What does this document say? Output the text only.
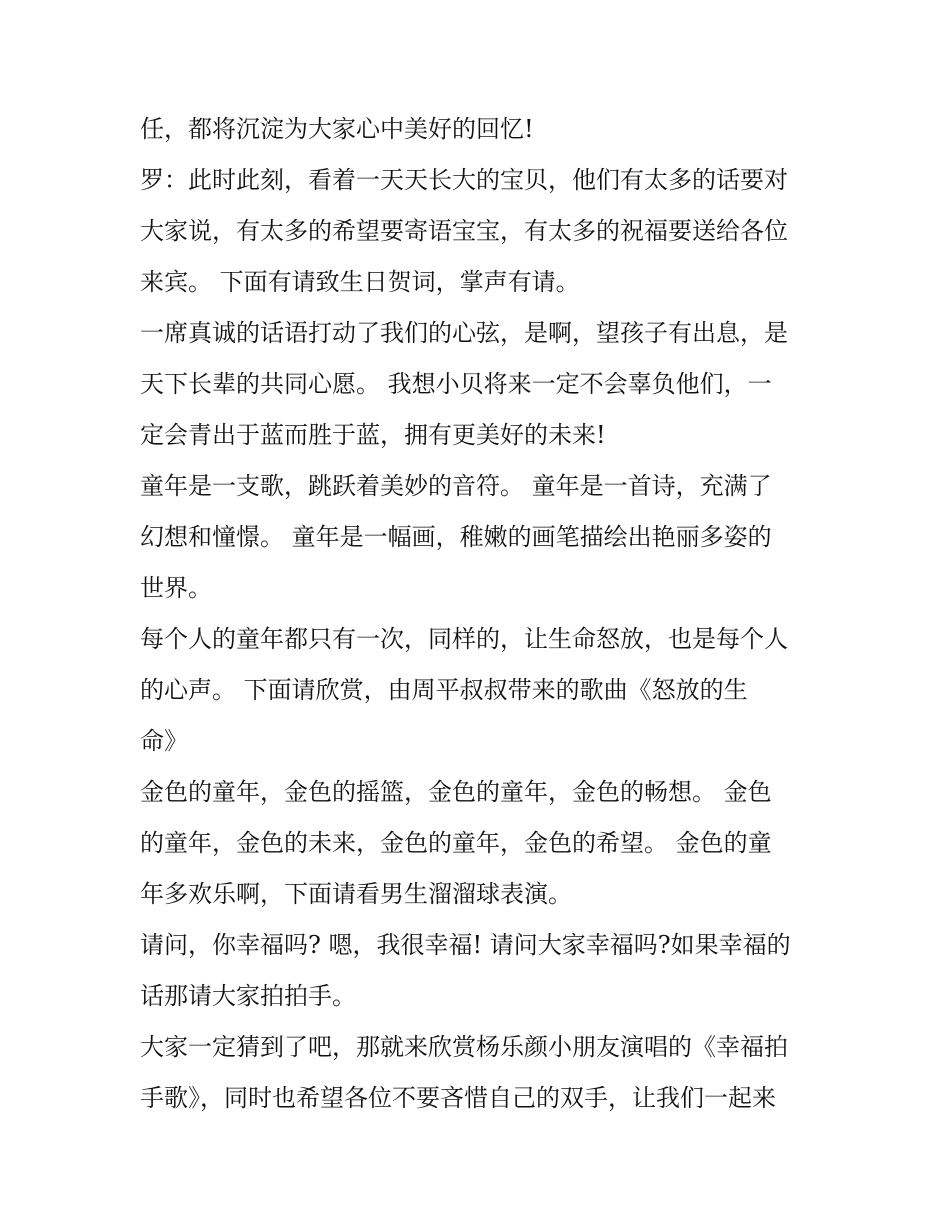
任，都将沉淀为大家心中美好的回忆!
罗：此时此刻，看着一天天长大的宝贝，他们有太多的话要对
大家说，有太多的希望要寄语宝宝，有太多的祝福要送给各位
来宾。 下面有请致生日贺词，掌声有请。
一席真诚的话语打动了我们的心弦，是啊，望孩子有出息，是
天下长辈的共同心愿。 我想小贝将来一定不会辜负他们，一
定会青出于蓝而胜于蓝，拥有更美好的未来!
童年是一支歌，跳跃着美妙的音符。 童年是一首诗，充满了
幻想和憧憬。 童年是一幅画，稚嫩的画笔描绘出艳丽多姿的
世界。
每个人的童年都只有一次，同样的，让生命怒放，也是每个人
的心声。 下面请欣赏，由周平叔叔带来的歌曲《怒放的生
命》
金色的童年，金色的摇篮，金色的童年，金色的畅想。 金色
的童年，金色的未来，金色的童年，金色的希望。 金色的童
年多欢乐啊，下面请看男生溜溜球表演。
请问，你幸福吗? 嗯，我很幸福! 请问大家幸福吗?如果幸福的
话那请大家拍拍手。
大家一定猜到了吧，那就来欣赏杨乐颜小朋友演唱的《幸福拍
手歌》，同时也希望各位不要吝惜自己的双手，让我们一起来
